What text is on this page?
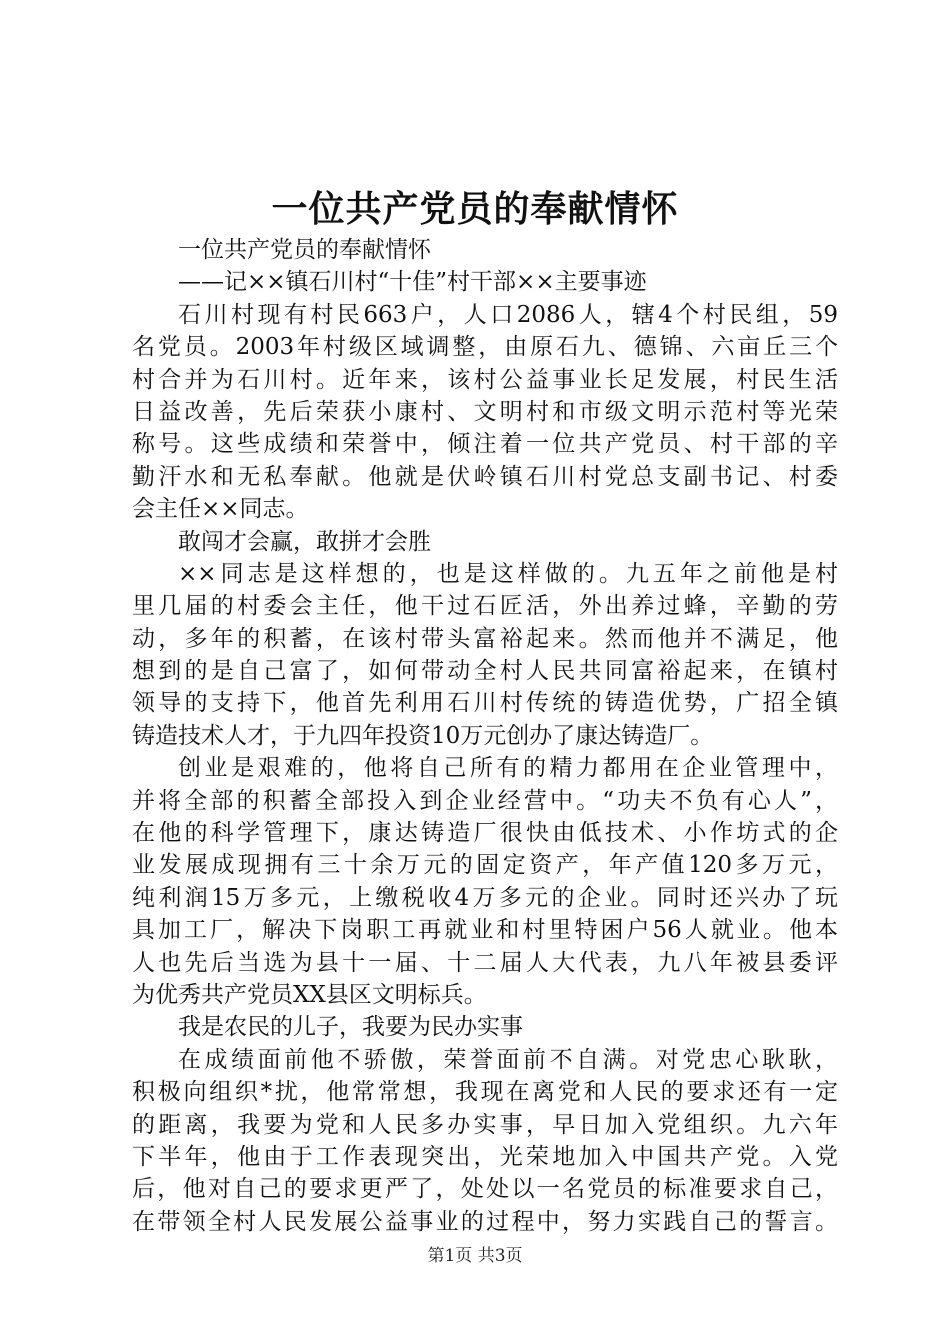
一位共产党员的奉献情怀
一位共产党员的奉献情怀
——记××镇石川村“十佳”村干部××主要事迹
石川村现有村民663户，人口2086人，辖4个村民组，59
名党员。2003年村级区域调整，由原石九、德锦、六亩丘三个
村合并为石川村。近年来，该村公益事业长足发展，村民生活
日益改善，先后荣获小康村、文明村和市级文明示范村等光荣
称号。这些成绩和荣誉中，倾注着一位共产党员、村干部的辛
勤汗水和无私奉献。他就是伏岭镇石川村党总支副书记、村委
会主任××同志。
敢闯才会赢，敢拼才会胜
××同志是这样想的，也是这样做的。九五年之前他是村
里几届的村委会主任，他干过石匠活，外出养过蜂，辛勤的劳
动，多年的积蓄，在该村带头富裕起来。然而他并不满足，他
想到的是自己富了，如何带动全村人民共同富裕起来，在镇村
领导的支持下，他首先利用石川村传统的铸造优势，广招全镇
铸造技术人才，于九四年投资10万元创办了康达铸造厂。
创业是艰难的，他将自己所有的精力都用在企业管理中，
并将全部的积蓄全部投入到企业经营中。“功夫不负有心人”，
在他的科学管理下，康达铸造厂很快由低技术、小作坊式的企
业发展成现拥有三十余万元的固定资产，年产值120多万元，
纯利润15万多元，上缴税收4万多元的企业。同时还兴办了玩
具加工厂，解决下岗职工再就业和村里特困户56人就业。他本
人也先后当选为县十一届、十二届人大代表，九八年被县委评
为优秀共产党员XX县区文明标兵。
我是农民的儿子，我要为民办实事
在成绩面前他不骄傲，荣誉面前不自满。对党忠心耿耿，
积极向组织*扰，他常常想，我现在离党和人民的要求还有一定
的距离，我要为党和人民多办实事，早日加入党组织。九六年
下半年，他由于工作表现突出，光荣地加入中国共产党。入党
后，他对自己的要求更严了，处处以一名党员的标准要求自己，
在带领全村人民发展公益事业的过程中，努力实践自己的誓言。
第1页 共3页
